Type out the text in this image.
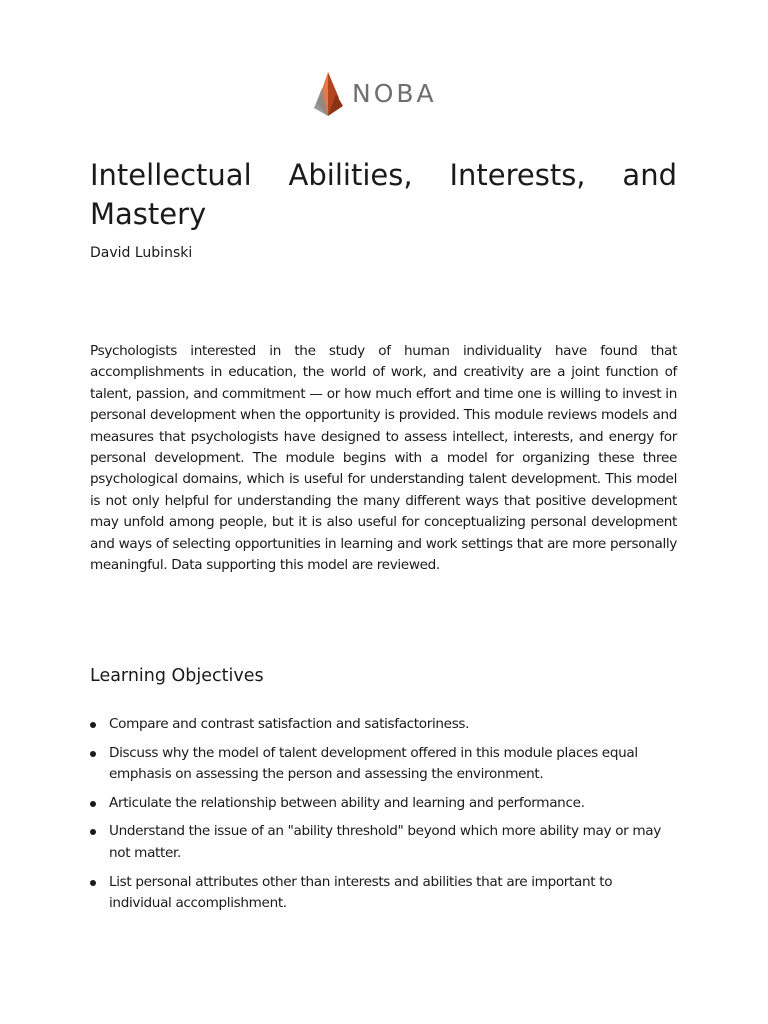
NOBA
Intellectual Abilities, Interests, and Mastery
David Lubinski

Psychologists interested in the study of human individuality have found that accomplishments in education, the world of work, and creativity are a joint function of talent, passion, and commitment — or how much effort and time one is willing to invest in personal development when the opportunity is provided. This module reviews models and measures that psychologists have designed to assess intellect, interests, and energy for personal development. The module begins with a model for organizing these three psychological domains, which is useful for understanding talent development. This model is not only helpful for understanding the many different ways that positive development may unfold among people, but it is also useful for conceptualizing personal development and ways of selecting opportunities in learning and work settings that are more personally meaningful. Data supporting this model are reviewed.

Learning Objectives
Compare and contrast satisfaction and satisfactoriness.
Discuss why the model of talent development offered in this module places equal emphasis on assessing the person and assessing the environment.
Articulate the relationship between ability and learning and performance.
Understand the issue of an "ability threshold" beyond which more ability may or may not matter.
List personal attributes other than interests and abilities that are important to individual accomplishment.
